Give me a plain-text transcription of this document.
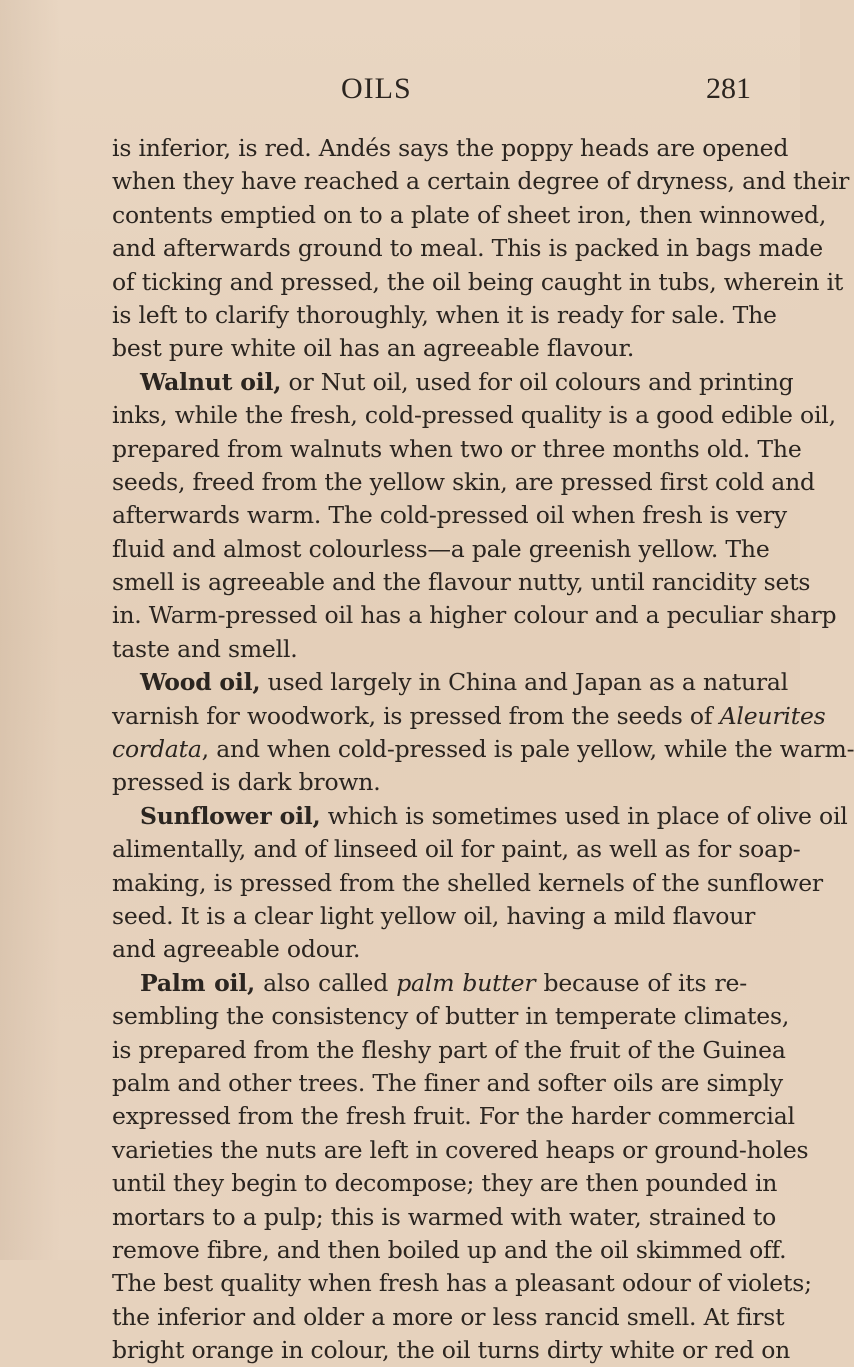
OILS	281
is inferior, is red. Andés says the poppy heads are opened
when they have reached a certain degree of dryness, and their
contents emptied on to a plate of sheet iron, then winnowed,
and afterwards ground to meal. This is packed in bags made
of ticking and pressed, the oil being caught in tubs, wherein it
is left to clarify thoroughly, when it is ready for sale. The
best pure white oil has an agreeable flavour.
Walnut oil, or Nut oil, used for oil colours and printing
inks, while the fresh, cold-pressed quality is a good edible oil,
prepared from walnuts when two or three months old. The
seeds, freed from the yellow skin, are pressed first cold and
afterwards warm. The cold-pressed oil when fresh is very
fluid and almost colourless—a pale greenish yellow. The
smell is agreeable and the flavour nutty, until rancidity sets
in. Warm-pressed oil has a higher colour and a peculiar sharp
taste and smell.
Wood oil, used largely in China and Japan as a natural
varnish for woodwork, is pressed from the seeds of Aleurites
cordata, and when cold-pressed is pale yellow, while the warm-
pressed is dark brown.
Sunflower oil, which is sometimes used in place of olive oil
alimentally, and of linseed oil for paint, as well as for soap-
making, is pressed from the shelled kernels of the sunflower
seed. It is a clear light yellow oil, having a mild flavour
and agreeable odour.
Palm oil, also called palm butter because of its re-
sembling the consistency of butter in temperate climates,
is prepared from the fleshy part of the fruit of the Guinea
palm and other trees. The finer and softer oils are simply
expressed from the fresh fruit. For the harder commercial
varieties the nuts are left in covered heaps or ground-holes
until they begin to decompose; they are then pounded in
mortars to a pulp; this is warmed with water, strained to
remove fibre, and then boiled up and the oil skimmed off.
The best quality when fresh has a pleasant odour of violets;
the inferior and older a more or less rancid smell. At first
bright orange in colour, the oil turns dirty white or red on
